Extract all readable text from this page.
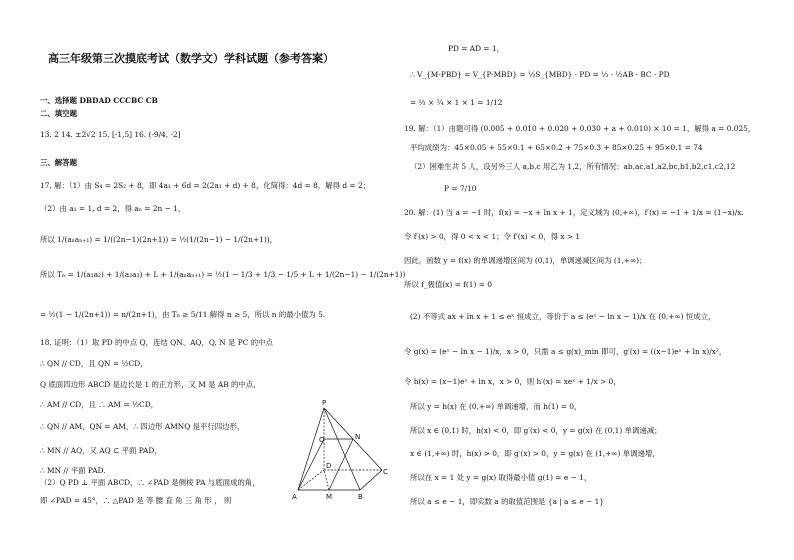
高三年级第三次摸底考试（数学文）学科试题（参考答案）
一、选择题 DBDAD CCCBC CB
二、填空题
13. 2 14. ±2√2 15. [-1,5] 16. (-9/4, -2]
三、解答题
17. 解：（1）由 S₄ = 2S₂ + 8，即 4a₁ + 6d = 2(2a₁ + d) + 8，化简得：4d = 8，解得 d = 2；
（2）由 a₁ = 1, d = 2，得 aₙ = 2n − 1，
所以 1/(aₙaₙ₊₁) = 1/((2n−1)(2n+1)) = ½(1/(2n−1) − 1/(2n+1))，
所以 Tₙ = 1/(a₁a₂) + 1/(a₂a₃) + L + 1/(aₙaₙ₊₁) = ½(1 − 1/3 + 1/3 − 1/5 + L + 1/(2n−1) − 1/(2n+1))
= ½(1 − 1/(2n+1)) = n/(2n+1)，由 Tₙ ≥ 5/11 解得 n ≥ 5，所以 n 的最小值为 5.
18. 证明：（1）取 PD 的中点 Q，连结 QN、AQ，Q, N 是 PC 的中点
∴ QN // CD，且 QN = ½CD，
Q 底面四边形 ABCD 是边长是 1 的正方形，又 M 是 AB 的中点，
∴ AM // CD，且 ∴ AM = ½CD，
∴ QN // AM，QN = AM，∴ 四边形 AMNQ 是平行四边形，
∴ MN // AQ，又 AQ ⊂ 平面 PAD，
∴ MN // 平面 PAD.
（2）Q PD ⊥ 平面 ABCD，∴ ∠PAD 是侧棱 PA 与底面成的角，
即 ∠PAD = 45°，∴ △PAD 是 等 腰 直 角 三 角 形 ， 则
P
Q	N
D
C
A	M	B
PD = AD = 1，
∴ V_{M-PBD} = V_{P-MBD} = ⅓S_{MBD} · PD = ⅓ · ½AB · BC · PD
= ⅓ × ¼ × 1 × 1 = 1/12
19. 解：（1）由题可得 (0.005 + 0.010 + 0.020 + 0.030 + a + 0.010) × 10 = 1，解得 a = 0.025，
平均成绩为：45×0.05 + 55×0.1 + 65×0.2 + 75×0.3 + 85×0.25 + 95×0.1 = 74
（2）困难生共 5 人，设另外三人 a,b,c 用乙为 1,2，所有情况：ab,ac,a1,a2,bc,b1,b2,c1,c2,12
P = 7/10
20. 解：(1) 当 a = −1 时，f(x) = −x + ln x + 1，定义域为 (0,+∞)，f′(x) = −1 + 1/x = (1−x)/x.
令 f′(x) > 0，得 0 < x < 1；令 f′(x) < 0，得 x > 1
因此，函数 y = f(x) 的单调递增区间为 (0,1)，单调递减区间为 (1,+∞)；
所以 f_极值(x) = f(1) = 0
(2) 不等式 ax + ln x + 1 ≤ eˣ 恒成立，等价于 a ≤ (eˣ − ln x − 1)/x 在 (0,+∞) 恒成立，
令 g(x) = (eˣ − ln x − 1)/x，x > 0，只需 a ≤ g(x)_min 即可，g′(x) = ((x−1)eˣ + ln x)/x²，
令 h(x) = (x−1)eˣ + ln x，x > 0，则 h′(x) = xeˣ + 1/x > 0，
所以 y = h(x) 在 (0,+∞) 单调递增，而 h(1) = 0，
所以 x ∈ (0,1) 时，h(x) < 0，即 g′(x) < 0，y = g(x) 在 (0,1) 单调递减；
x ∈ (1,+∞) 时，h(x) > 0，即 g′(x) > 0，y = g(x) 在 (1,+∞) 单调递增，
所以在 x = 1 处 y = g(x) 取得最小值 g(1) = e − 1，
所以 a ≤ e − 1，即实数 a 的取值范围是 {a | a ≤ e − 1}
